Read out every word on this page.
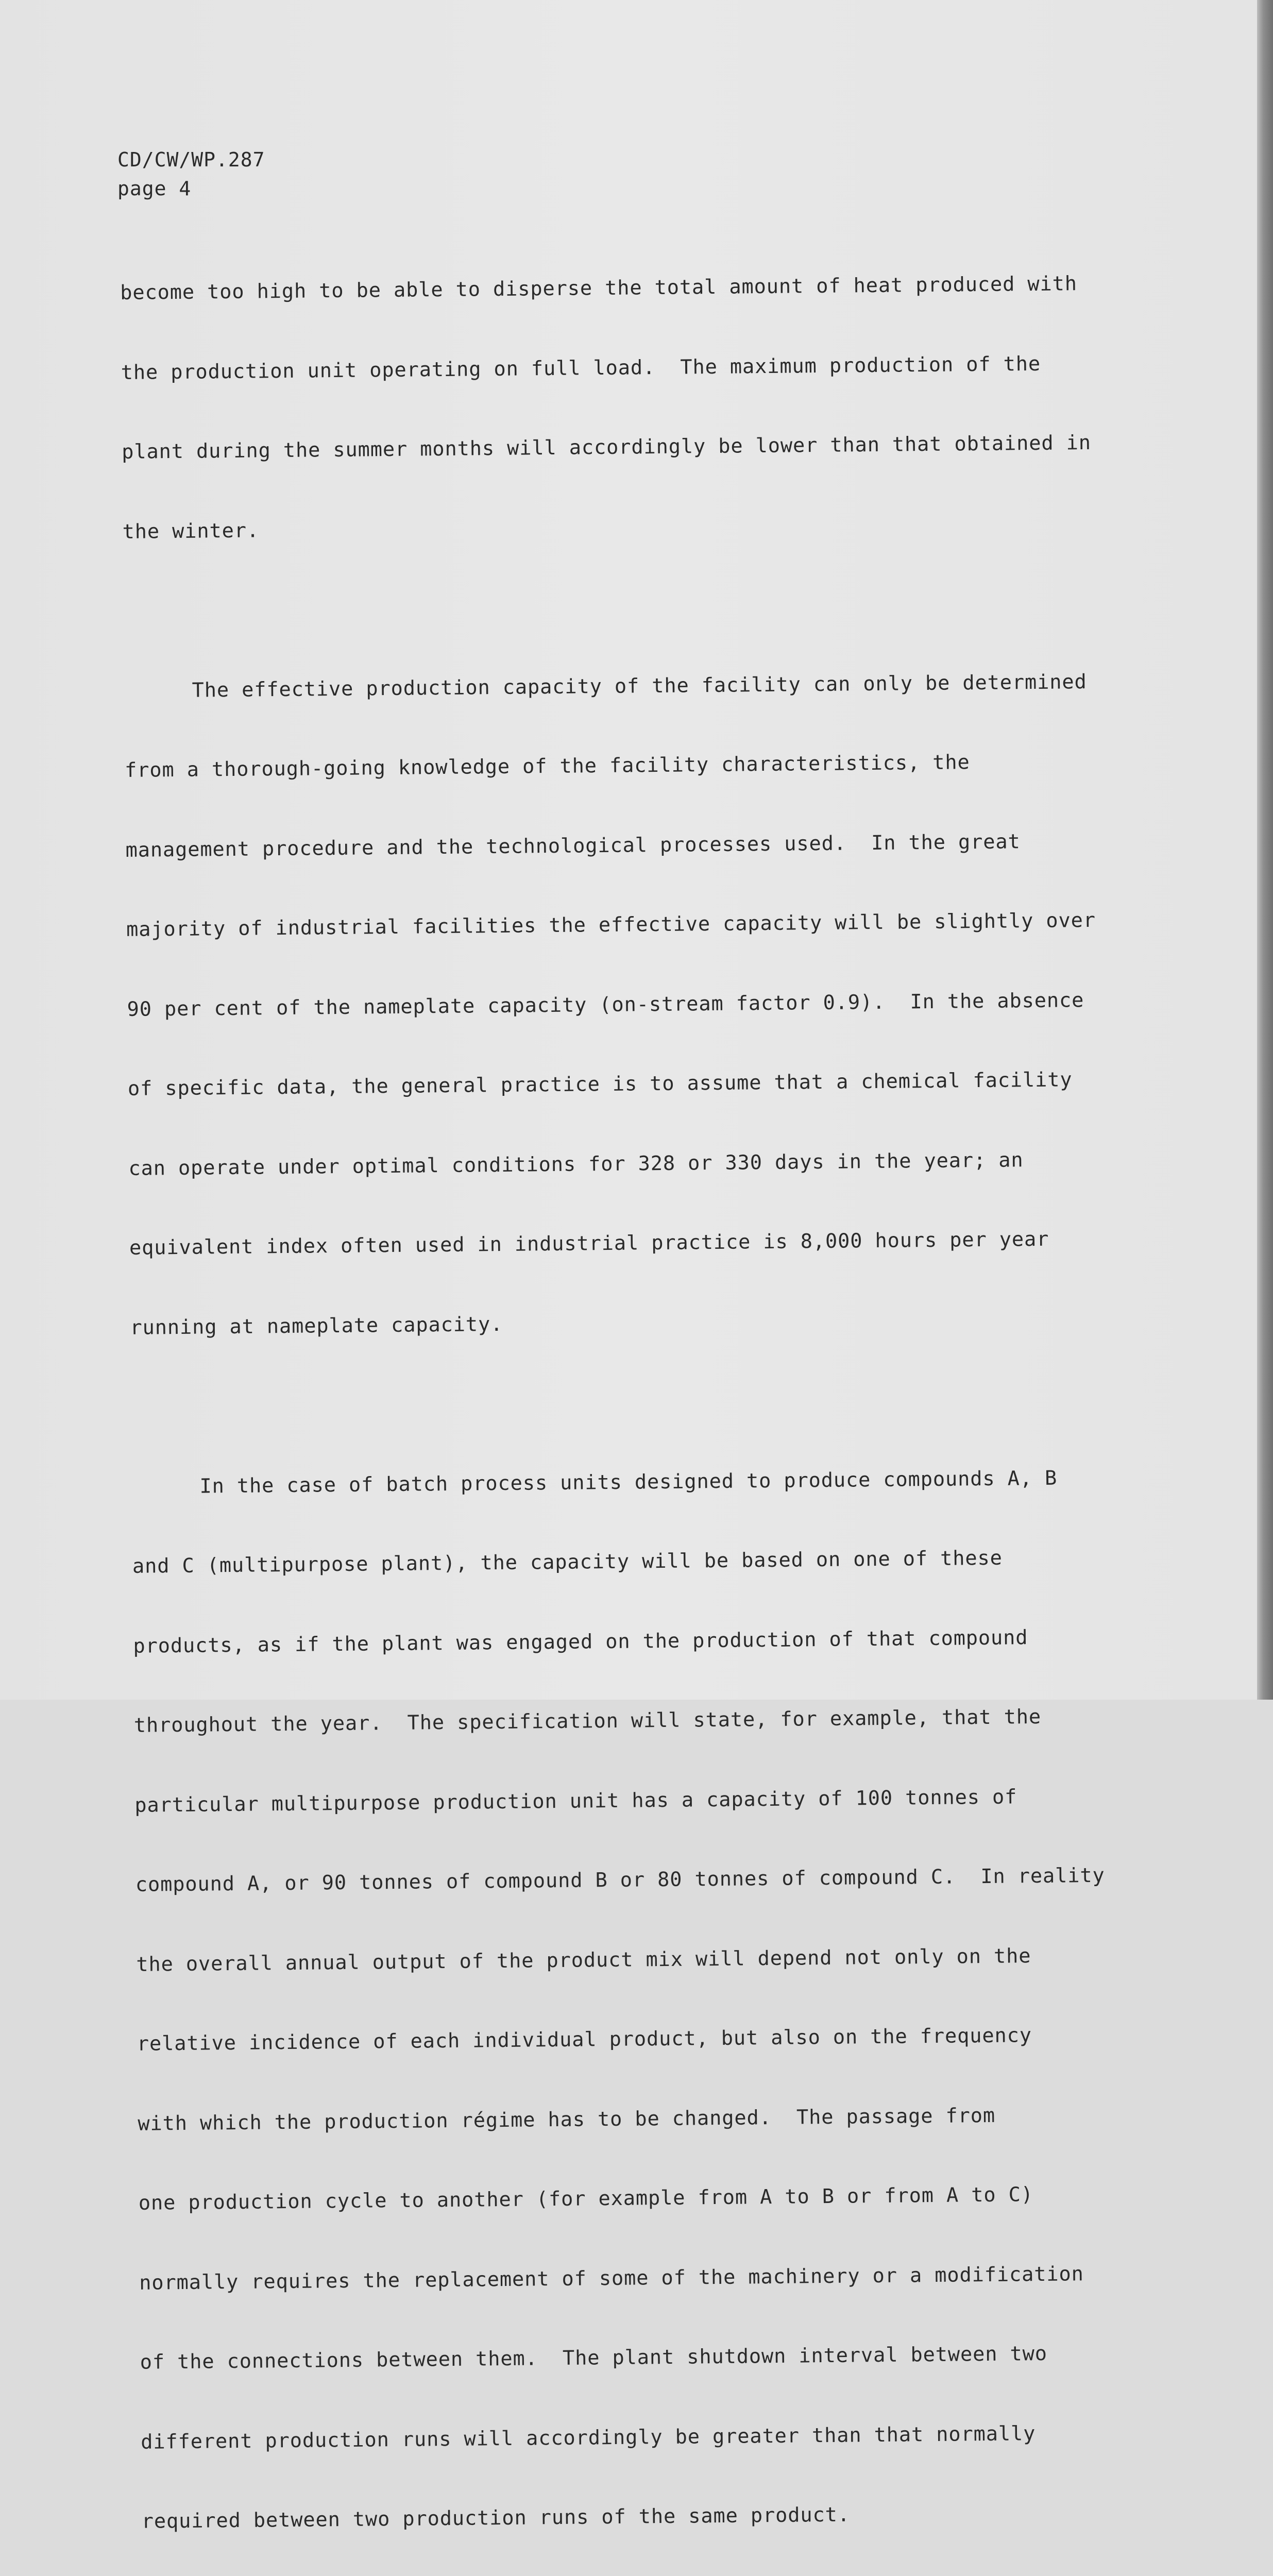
CD/CW/WP.287
page 4

become too high to be able to disperse the total amount of heat produced with

the production unit operating on full load.  The maximum production of the

plant during the summer months will accordingly be lower than that obtained in

the winter.

The effective production capacity of the facility can only be determined

from a thorough-going knowledge of the facility characteristics, the

management procedure and the technological processes used.  In the great

majority of industrial facilities the effective capacity will be slightly over

90 per cent of the nameplate capacity (on-stream factor 0.9).  In the absence

of specific data, the general practice is to assume that a chemical facility

can operate under optimal conditions for 328 or 330 days in the year; an

equivalent index often used in industrial practice is 8,000 hours per year

running at nameplate capacity.

In the case of batch process units designed to produce compounds A, B

and C (multipurpose plant), the capacity will be based on one of these

products, as if the plant was engaged on the production of that compound

throughout the year.  The specification will state, for example, that the

particular multipurpose production unit has a capacity of 100 tonnes of

compound A, or 90 tonnes of compound B or 80 tonnes of compound C.  In reality

the overall annual output of the product mix will depend not only on the

relative incidence of each individual product, but also on the frequency

with which the production régime has to be changed.  The passage from

one production cycle to another (for example from A to B or from A to C)

normally requires the replacement of some of the machinery or a modification

of the connections between them.  The plant shutdown interval between two

different production runs will accordingly be greater than that normally

required between two production runs of the same product.
